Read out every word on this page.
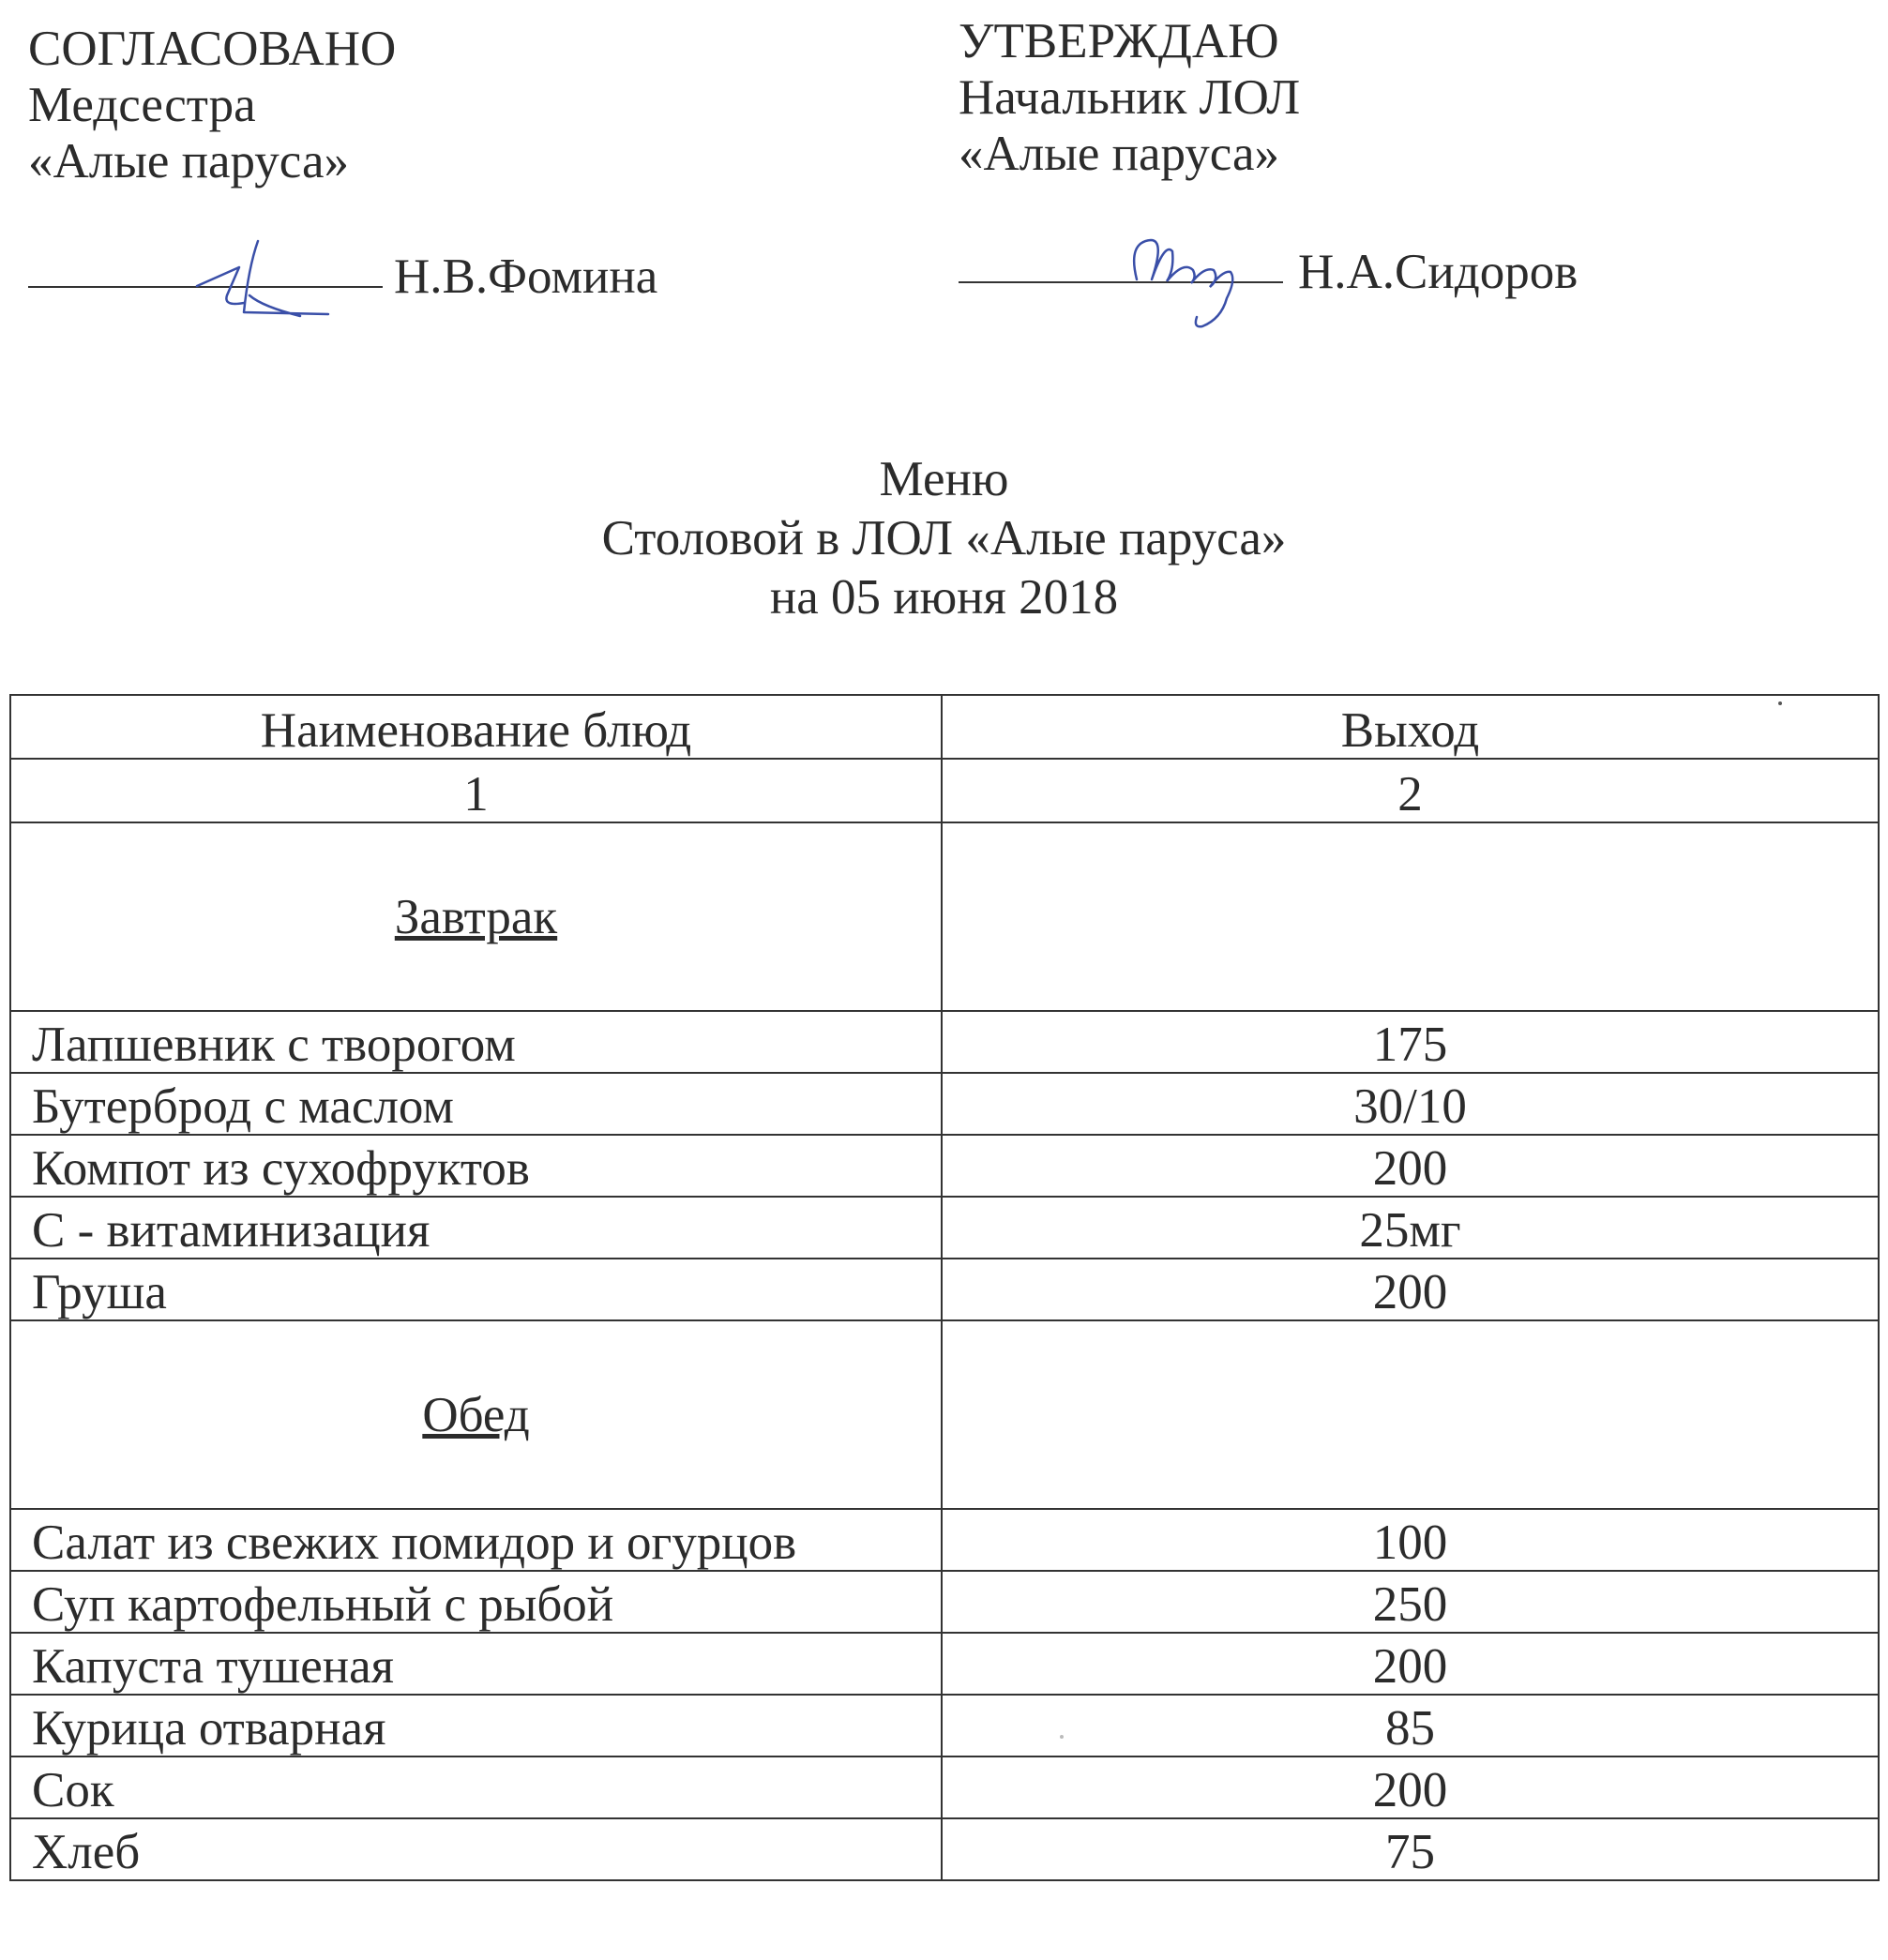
СОГЛАСОВАНО
Медсестра
«Алые паруса»
УТВЕРЖДАЮ
Начальник ЛОЛ
«Алые паруса»
Н.В.Фомина	Н.А.Сидоров
Меню
Столовой в ЛОЛ «Алые паруса»
на 05 июня 2018
Наименование блюд	Выход
1	2
Завтрак	
Лапшевник с творогом	175
Бутерброд с маслом	30/10
Компот из сухофруктов	200
С - витаминизация	25мг
Груша	200
Обед	
Салат из свежих помидор и огурцов	100
Суп картофельный с рыбой	250
Капуста тушеная	200
Курица отварная	85
Сок	200
Хлеб	75
